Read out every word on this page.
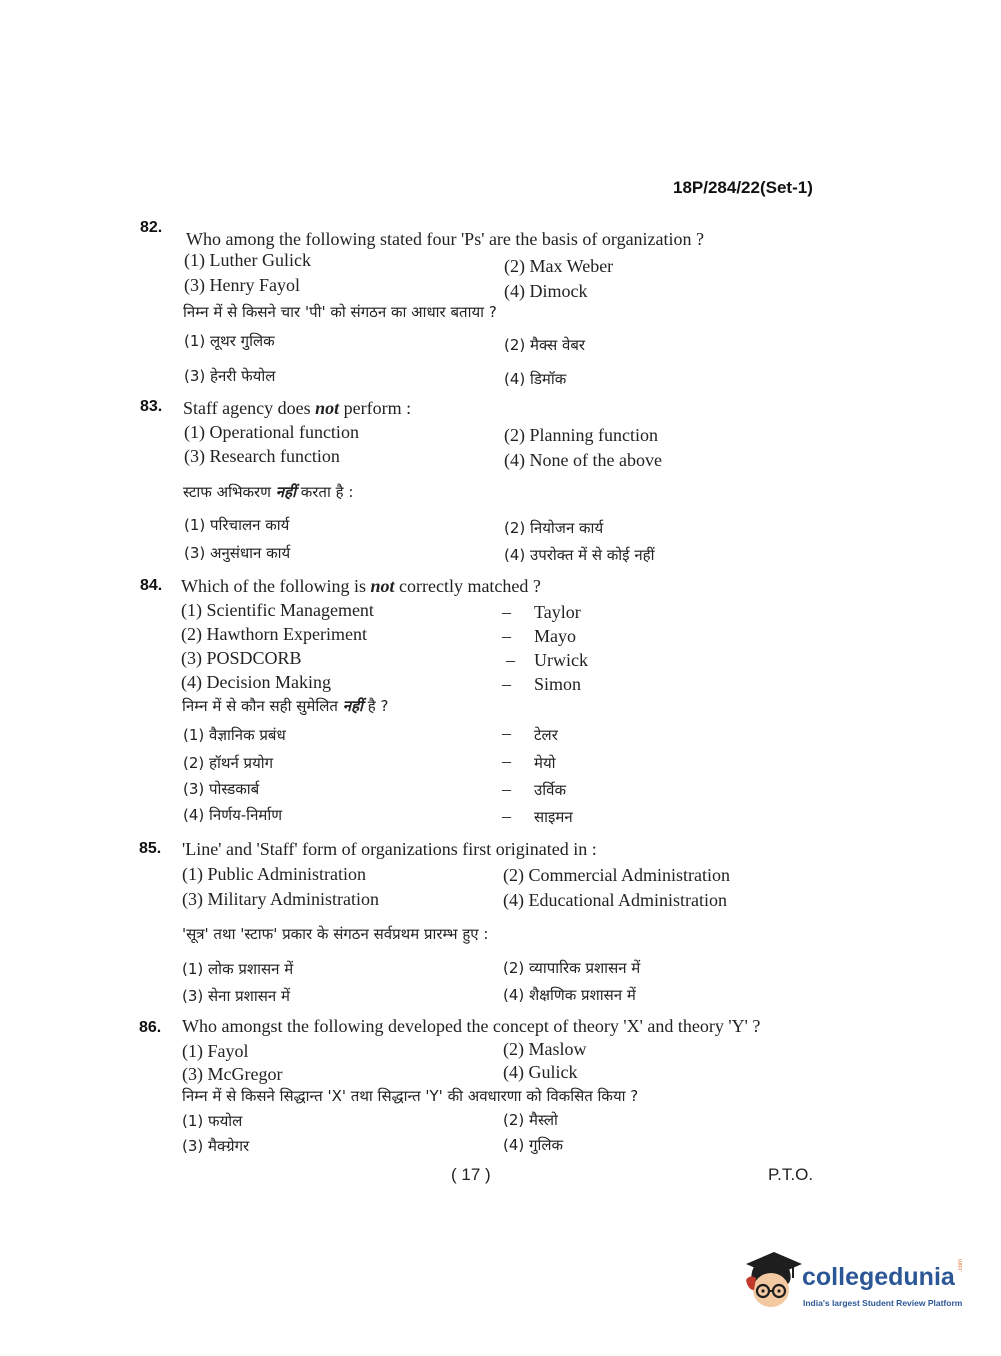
18P/284/22(Set-1)
82.
Who among the following stated four 'Ps' are the basis of organization ?
(1) Luther Gulick	(2) Max Weber
(3) Henry Fayol	(4) Dimock
निम्न में से किसने चार 'पी' को संगठन का आधार बताया ?
(1) लूथर गुलिक	(2) मैक्स वेबर
(3) हेनरी फेयोल	(4) डिमॉक
83. Staff agency does not perform :
(1) Operational function	(2) Planning function
(3) Research function	(4) None of the above
स्टाफ अभिकरण नहीं करता है :
(1) परिचालन कार्य	(2) नियोजन कार्य
(3) अनुसंधान कार्य	(4) उपरोक्त में से कोई नहीं
84. Which of the following is not correctly matched ?
(1) Scientific Management	– Taylor
(2) Hawthorn Experiment	– Mayo
(3) POSDCORB	– Urwick
(4) Decision Making	– Simon
निम्न में से कौन सही सुमेलित नहीं है ?
(1) वैज्ञानिक प्रबंध	– टेलर
(2) हॉथर्न प्रयोग	– मेयो
(3) पोस्डकार्ब	– उर्विक
(4) निर्णय-निर्माण	– साइमन
85. 'Line' and 'Staff' form of organizations first originated in :
(1) Public Administration	(2) Commercial Administration
(3) Military Administration	(4) Educational Administration
'सूत्र' तथा 'स्टाफ' प्रकार के संगठन सर्वप्रथम प्रारम्भ हुए :
(1) लोक प्रशासन में	(2) व्यापारिक प्रशासन में
(3) सेना प्रशासन में	(4) शैक्षणिक प्रशासन में
86. Who amongst the following developed the concept of theory 'X' and theory 'Y' ?
(1) Fayol	(2) Maslow
(3) McGregor	(4) Gulick
निम्न में से किसने सिद्धान्त 'X' तथा सिद्धान्त 'Y' की अवधारणा को विकसित किया ?
(1) फयोल	(2) मैस्लो
(3) मैक्ग्रेगर	(4) गुलिक
( 17 )	P.T.O.
collegedunia .com
India's largest Student Review Platform
